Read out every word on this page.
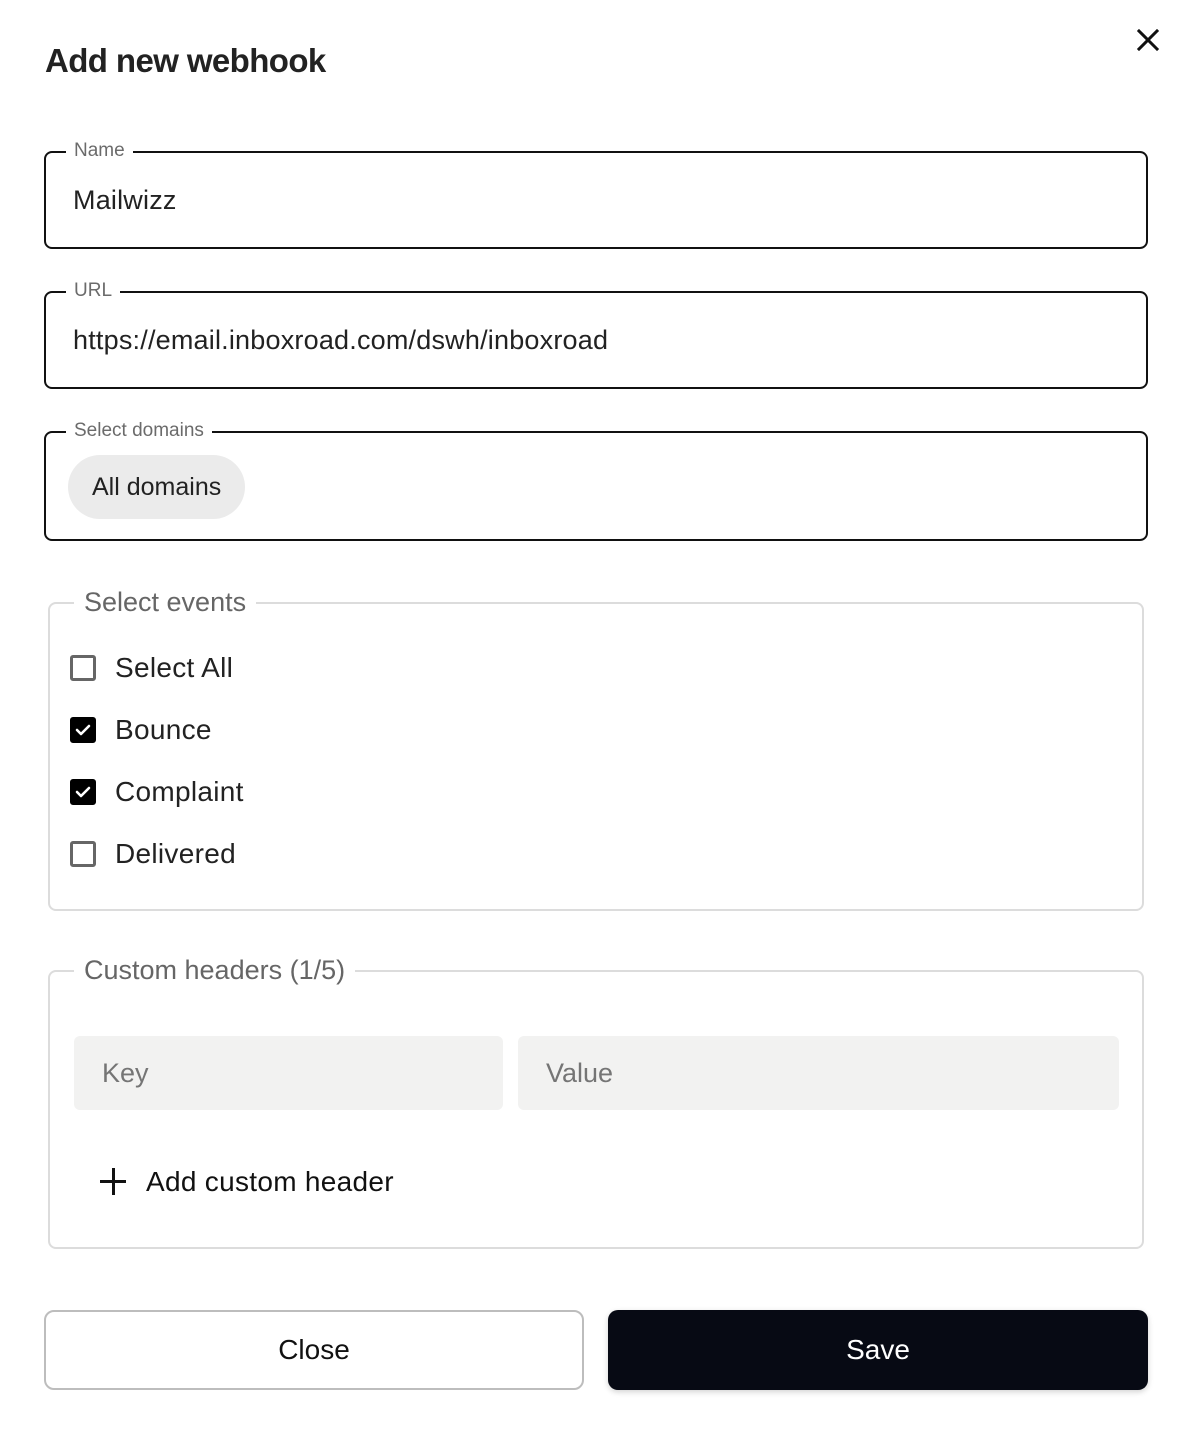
Add new webhook
Name
Mailwizz
URL
https://email.inboxroad.com/dswh/inboxroad
Select domains
All domains
Select events
Select All
Bounce
Complaint
Delivered
Custom headers (1/5)
Key
Value
Add custom header
Close	Save
